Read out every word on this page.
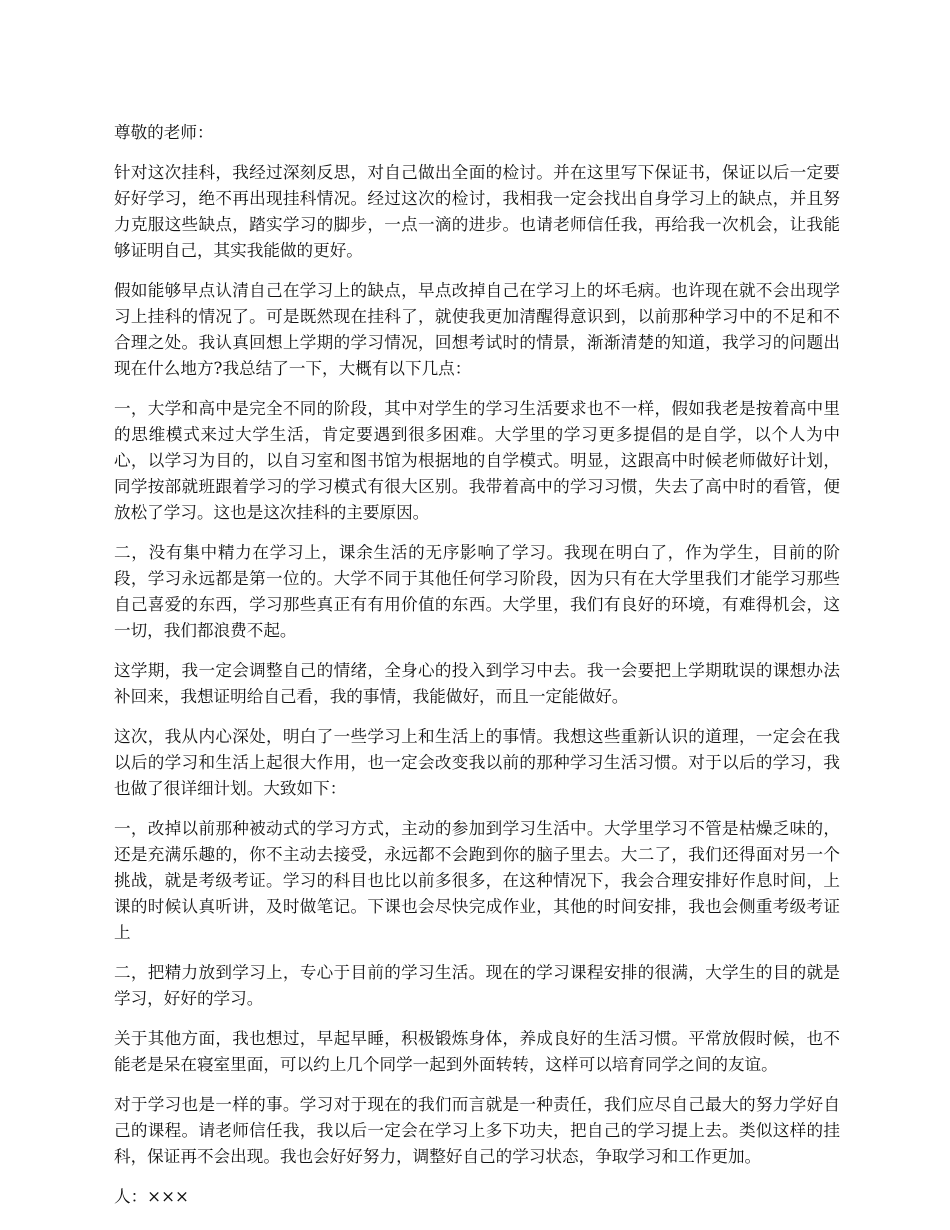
尊敬的老师：

针对这次挂科，我经过深刻反思，对自己做出全面的检讨。并在这里写下保证书，保证以后一定要好好学习，绝不再出现挂科情况。经过这次的检讨，我相我一定会找出自身学习上的缺点，并且努力克服这些缺点，踏实学习的脚步，一点一滴的进步。也请老师信任我，再给我一次机会，让我能够证明自己，其实我能做的更好。

假如能够早点认清自己在学习上的缺点，早点改掉自己在学习上的坏毛病。也许现在就不会出现学习上挂科的情况了。可是既然现在挂科了，就使我更加清醒得意识到，以前那种学习中的不足和不合理之处。我认真回想上学期的学习情况，回想考试时的情景，渐渐清楚的知道，我学习的问题出现在什么地方?我总结了一下，大概有以下几点：

一，大学和高中是完全不同的阶段，其中对学生的学习生活要求也不一样，假如我老是按着高中里的思维模式来过大学生活，肯定要遇到很多困难。大学里的学习更多提倡的是自学，以个人为中心，以学习为目的，以自习室和图书馆为根据地的自学模式。明显，这跟高中时候老师做好计划，同学按部就班跟着学习的学习模式有很大区别。我带着高中的学习习惯，失去了高中时的看管，便放松了学习。这也是这次挂科的主要原因。

二，没有集中精力在学习上，课余生活的无序影响了学习。我现在明白了，作为学生，目前的阶段，学习永远都是第一位的。大学不同于其他任何学习阶段，因为只有在大学里我们才能学习那些自己喜爱的东西，学习那些真正有有用价值的东西。大学里，我们有良好的环境，有难得机会，这一切，我们都浪费不起。

这学期，我一定会调整自己的情绪，全身心的投入到学习中去。我一会要把上学期耽误的课想办法补回来，我想证明给自己看，我的事情，我能做好，而且一定能做好。

这次，我从内心深处，明白了一些学习上和生活上的事情。我想这些重新认识的道理，一定会在我以后的学习和生活上起很大作用，也一定会改变我以前的那种学习生活习惯。对于以后的学习，我也做了很详细计划。大致如下：

一，改掉以前那种被动式的学习方式，主动的参加到学习生活中。大学里学习不管是枯燥乏味的，还是充满乐趣的，你不主动去接受，永远都不会跑到你的脑子里去。大二了，我们还得面对另一个挑战，就是考级考证。学习的科目也比以前多很多，在这种情况下，我会合理安排好作息时间，上课的时候认真听讲，及时做笔记。下课也会尽快完成作业，其他的时间安排，我也会侧重考级考证上

二，把精力放到学习上，专心于目前的学习生活。现在的学习课程安排的很满，大学生的目的就是学习，好好的学习。

关于其他方面，我也想过，早起早睡，积极锻炼身体，养成良好的生活习惯。平常放假时候，也不能老是呆在寝室里面，可以约上几个同学一起到外面转转，这样可以培育同学之间的友谊。

对于学习也是一样的事。学习对于现在的我们而言就是一种责任，我们应尽自己最大的努力学好自己的课程。请老师信任我，我以后一定会在学习上多下功夫，把自己的学习提上去。类似这样的挂科，保证再不会出现。我也会好好努力，调整好自己的学习状态，争取学习和工作更加。

人：×××
